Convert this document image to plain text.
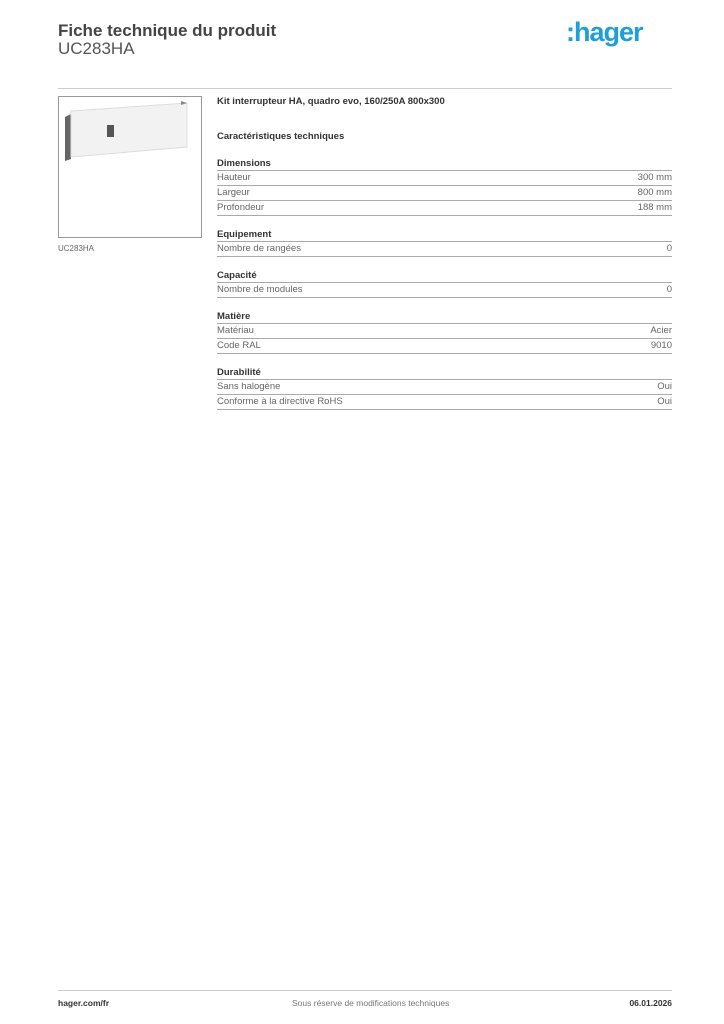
Fiche technique du produit
UC283HA
:hager
UC283HA
Kit interrupteur HA, quadro evo, 160/250A 800x300
Caractéristiques techniques
Dimensions
Hauteur	300 mm
Largeur	800 mm
Profondeur	188 mm
Equipement
Nombre de rangées	0
Capacité
Nombre de modules	0
Matière
Matériau	Acier
Code RAL	9010
Durabilité
Sans halogène	Oui
Conforme à la directive RoHS	Oui
hager.com/fr	Sous réserve de modifications techniques	06.01.2026
